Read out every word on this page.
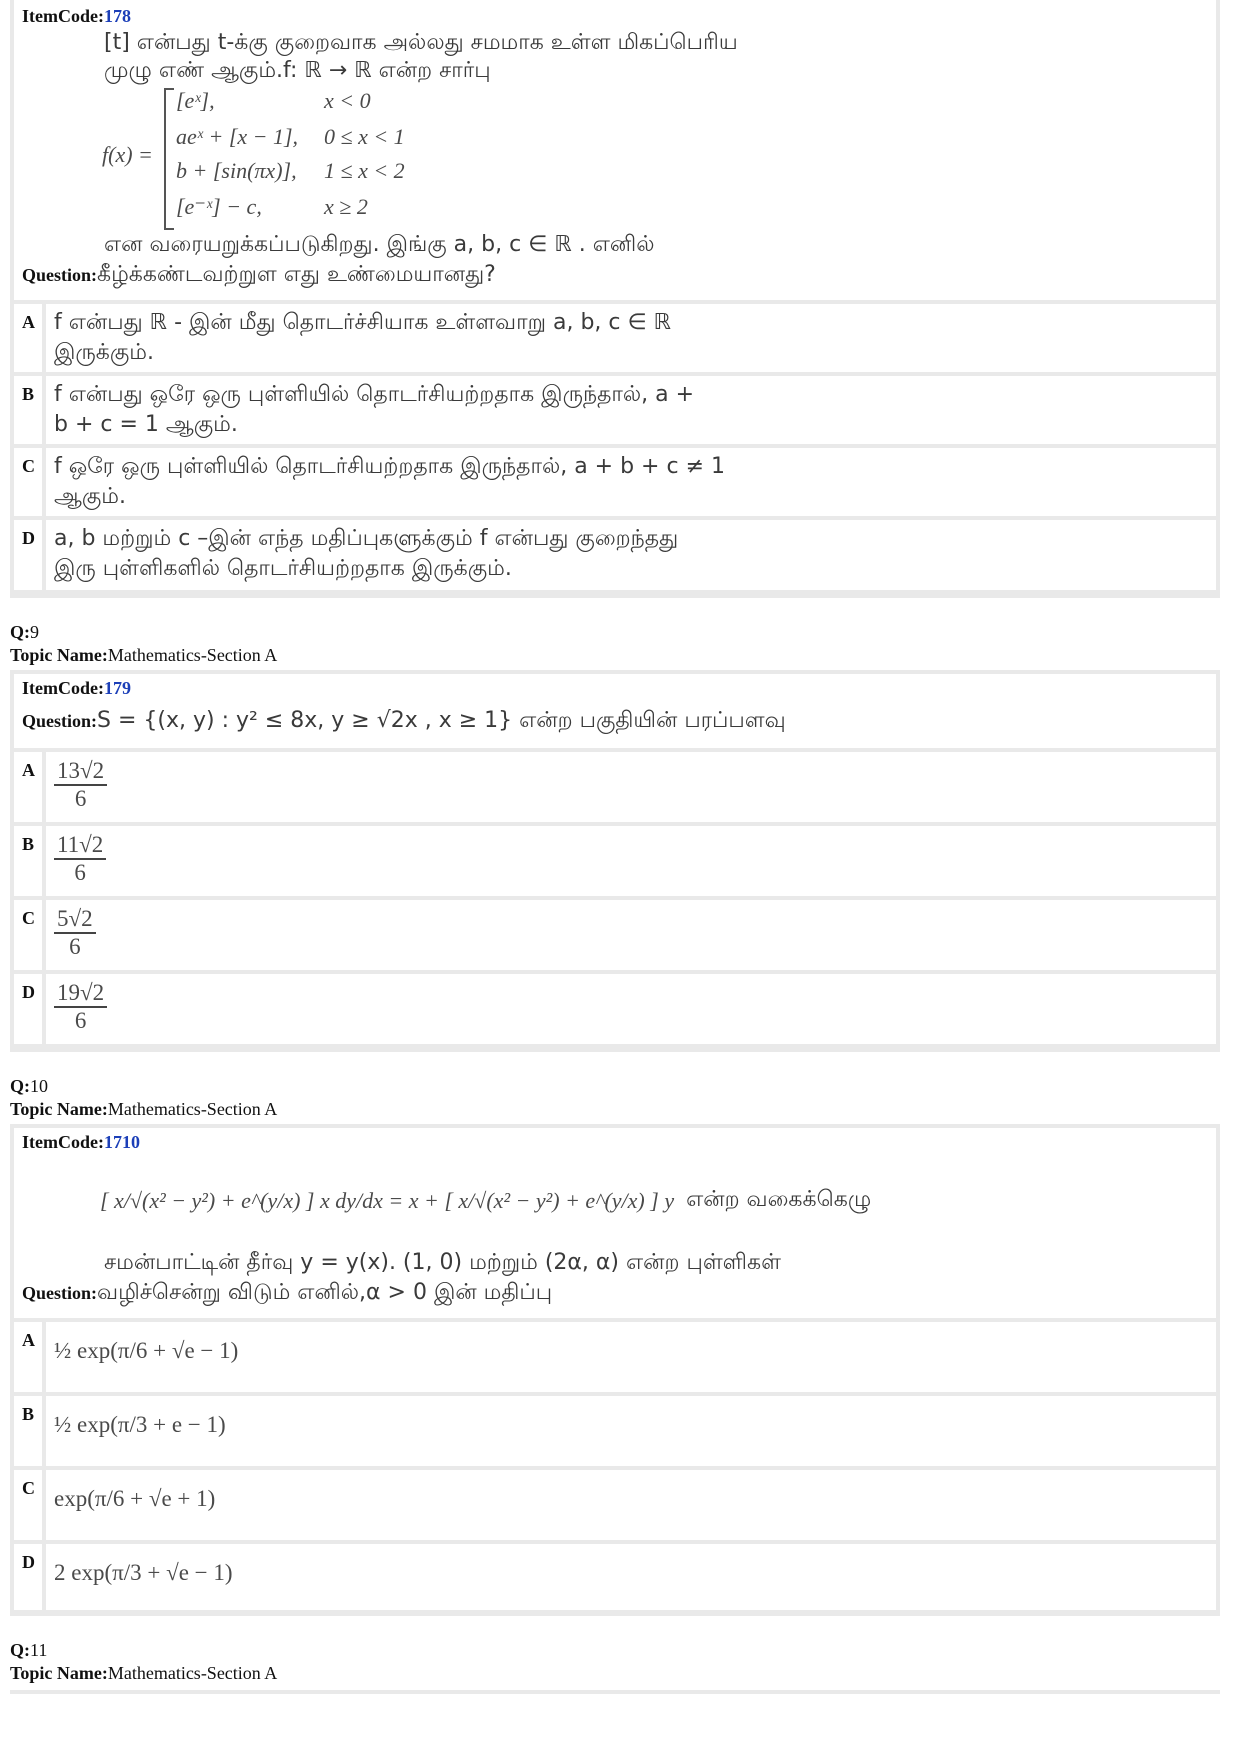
ItemCode:178
[t] என்பது t-க்கு குறைவாக அல்லது சமமாக உள்ள மிகப்பெரிய
முழு எண் ஆகும்.f: ℝ → ℝ என்ற சார்பு
f(x) =
[eˣ],	x < 0
aeˣ + [x − 1], 0 ≤ x < 1
b + [sin(πx)], 1 ≤ x < 2
[e⁻ˣ] − c,	x ≥ 2
என வரையறுக்கப்படுகிறது. இங்கு a, b, c ∈ ℝ . எனில்
Question:கீழ்க்கண்டவற்றுள எது உண்மையானது?
A f என்பது ℝ - இன் மீது தொடர்ச்சியாக உள்ளவாறு a, b, c ∈ ℝ
இருக்கும்.
B f என்பது ஒரே ஒரு புள்ளியில் தொடர்சியற்றதாக இருந்தால், a +
b + c = 1 ஆகும்.
C f ஒரே ஒரு புள்ளியில் தொடர்சியற்றதாக இருந்தால், a + b + c ≠ 1
ஆகும்.
D a, b மற்றும் c –இன் எந்த மதிப்புகளுக்கும் f என்பது குறைந்தது
இரு புள்ளிகளில் தொடர்சியற்றதாக இருக்கும்.
Q:9
Topic Name:Mathematics-Section A
ItemCode:179
Question:S = {(x, y) : y² ≤ 8x, y ≥ √2x , x ≥ 1} என்ற பகுதியின் பரப்பளவு
A $\frac{13√2}{6}$
B $\frac{11√2}{6}$
C $\frac{5√2}{6}$
D $\frac{19√2}{6}$
Q:10
Topic Name:Mathematics-Section A
ItemCode:1710
[ x/√(x² − y²) + e^(y/x) ] x dy/dx = x + [ x/√(x² − y²) + e^(y/x) ] y என்ற வகைக்கெழு
சமன்பாட்டின் தீர்வு y = y(x). (1, 0) மற்றும் (2α, α) என்ற புள்ளிகள்
Question:வழிச்சென்று விடும் எனில்,α > 0 இன் மதிப்பு
A ½ exp(π/6 + √e − 1)
B ½ exp(π/3 + e − 1)
C exp(π/6 + √e + 1)
D 2 exp(π/3 + √e − 1)
Q:11
Topic Name:Mathematics-Section A
